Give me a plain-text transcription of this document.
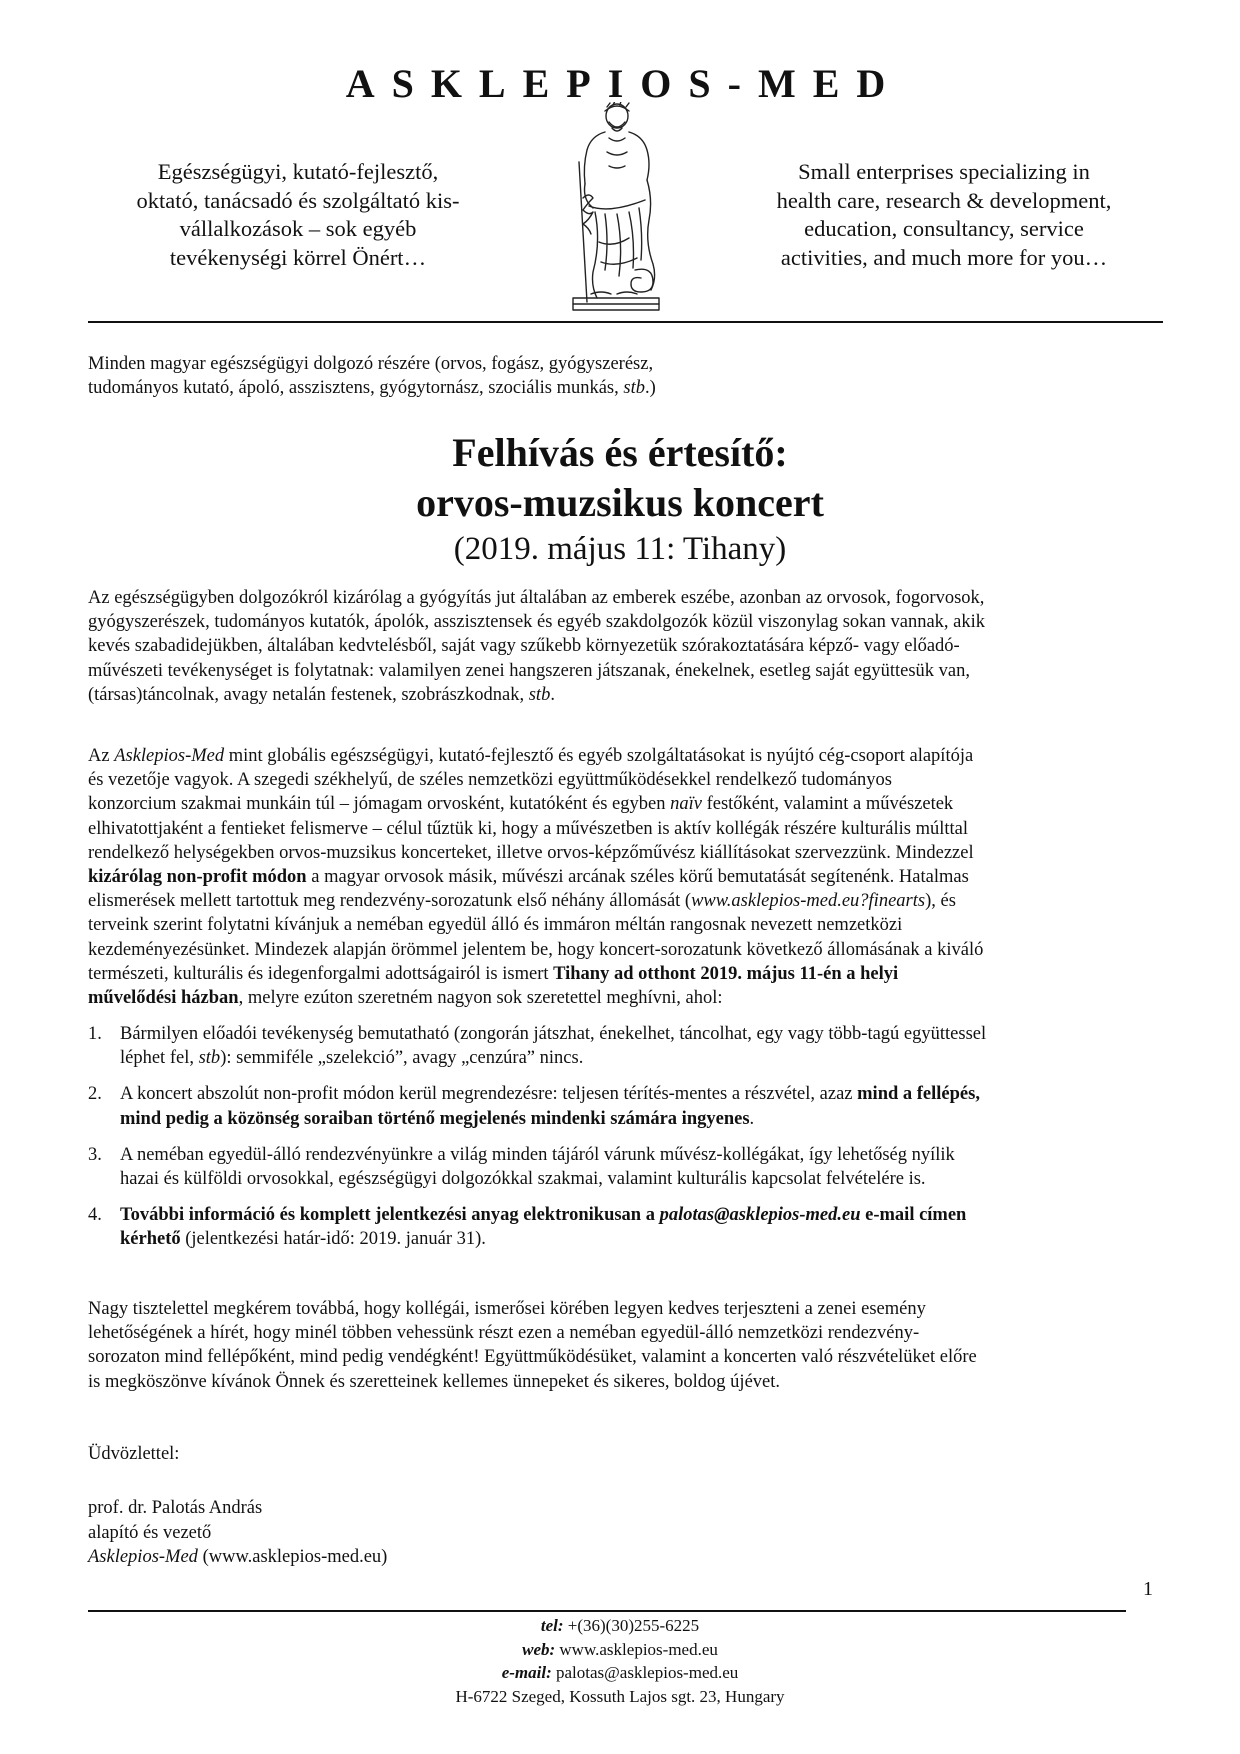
ASKLEPIOS-MED
Egészségügyi, kutató-fejlesztő,
oktató, tanácsadó és szolgáltató kis-
vállalkozások – sok egyéb
tevékenységi körrel Önért…
Small enterprises specializing in
health care, research & development,
education, consultancy, service
activities, and much more for you…
Minden magyar egészségügyi dolgozó részére (orvos, fogász, gyógyszerész,
tudományos kutató, ápoló, asszisztens, gyógytornász, szociális munkás, stb.)
Felhívás és értesítő:
orvos-muzsikus koncert
(2019. május 11: Tihany)
Az egészségügyben dolgozókról kizárólag a gyógyítás jut általában az emberek eszébe, azonban az orvosok, fogorvosok,
gyógyszerészek, tudományos kutatók, ápolók, asszisztensek és egyéb szakdolgozók közül viszonylag sokan vannak, akik
kevés szabadidejükben, általában kedvtelésből, saját vagy szűkebb környezetük szórakoztatására képző- vagy előadó-
művészeti tevékenységet is folytatnak: valamilyen zenei hangszeren játszanak, énekelnek, esetleg saját együttesük van,
(társas)táncolnak, avagy netalán festenek, szobrászkodnak, stb.
Az Asklepios-Med mint globális egészségügyi, kutató-fejlesztő és egyéb szolgáltatásokat is nyújtó cég-csoport alapítója
és vezetője vagyok. A szegedi székhelyű, de széles nemzetközi együttműködésekkel rendelkező tudományos
konzorcium szakmai munkáin túl – jómagam orvosként, kutatóként és egyben naïv festőként, valamint a művészetek
elhivatottjaként a fentieket felismerve – célul tűztük ki, hogy a művészetben is aktív kollégák részére kulturális múlttal
rendelkező helységekben orvos-muzsikus koncerteket, illetve orvos-képzőművész kiállításokat szervezzünk. Mindezzel
kizárólag non-profit módon a magyar orvosok másik, művészi arcának széles körű bemutatását segítenénk. Hatalmas
elismerések mellett tartottuk meg rendezvény-sorozatunk első néhány állomását (www.asklepios-med.eu?finearts), és
terveink szerint folytatni kívánjuk a neméban egyedül álló és immáron méltán rangosnak nevezett nemzetközi
kezdeményezésünket. Mindezek alapján örömmel jelentem be, hogy koncert-sorozatunk következő állomásának a kiváló
természeti, kulturális és idegenforgalmi adottságairól is ismert Tihany ad otthont 2019. május 11-én a helyi
művelődési házban, melyre ezúton szeretném nagyon sok szeretettel meghívni, ahol:
1. Bármilyen előadói tevékenység bemutatható (zongorán játszhat, énekelhet, táncolhat, egy vagy több-tagú együttessel
léphet fel, stb): semmiféle „szelekció”, avagy „cenzúra” nincs.
2. A koncert abszolút non-profit módon kerül megrendezésre: teljesen térítés-mentes a részvétel, azaz mind a fellépés,
mind pedig a közönség soraiban történő megjelenés mindenki számára ingyenes.
3. A neméban egyedül-álló rendezvényünkre a világ minden tájáról várunk művész-kollégákat, így lehetőség nyílik
hazai és külföldi orvosokkal, egészségügyi dolgozókkal szakmai, valamint kulturális kapcsolat felvételére is.
4. További információ és komplett jelentkezési anyag elektronikusan a palotas@asklepios-med.eu e-mail címen
kérhető (jelentkezési határ-idő: 2019. január 31).
Nagy tisztelettel megkérem továbbá, hogy kollégái, ismerősei körében legyen kedves terjeszteni a zenei esemény
lehetőségének a hírét, hogy minél többen vehessünk részt ezen a neméban egyedül-álló nemzetközi rendezvény-
sorozaton mind fellépőként, mind pedig vendégként! Együttműködésüket, valamint a koncerten való részvételüket előre
is megköszönve kívánok Önnek és szeretteinek kellemes ünnepeket és sikeres, boldog újévet.
Üdvözlettel:
prof. dr. Palotás András
alapító és vezető
Asklepios-Med (www.asklepios-med.eu)
1
tel: +(36)(30)255-6225
web: www.asklepios-med.eu
e-mail: palotas@asklepios-med.eu
H-6722 Szeged, Kossuth Lajos sgt. 23, Hungary
